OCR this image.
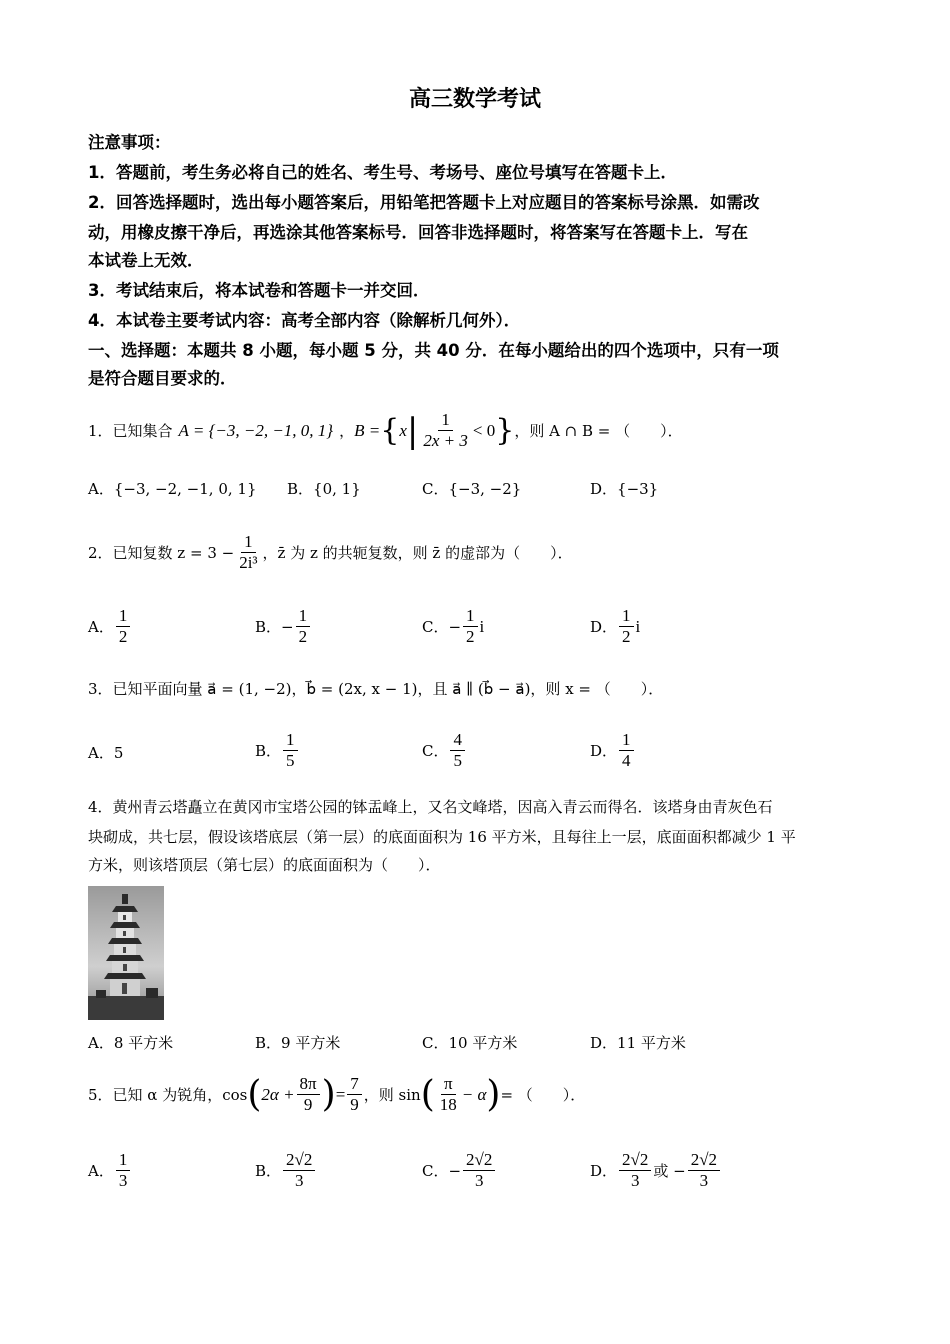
高三数学考试
注意事项：
1．答题前，考生务必将自己的姓名、考生号、考场号、座位号填写在答题卡上．
2．回答选择题时，选出每小题答案后，用铅笔把答题卡上对应题目的答案标号涂黑．如需改
动，用橡皮擦干净后，再选涂其他答案标号．回答非选择题时，将答案写在答题卡上．写在
本试卷上无效．
3．考试结束后，将本试卷和答题卡一并交回．
4．本试卷主要考试内容：高考全部内容（除解析几何外）．
一、选择题：本题共 8 小题，每小题 5 分，共 40 分．在每小题给出的四个选项中，只有一项
是符合题目要求的．
1．已知集合 A = {−3, −2, −1, 0, 1} ， B = { x | $\frac{1}{2x + 3} < 0$ } ，则 A ∩ B = （　　）．
A．{−3, −2, −1, 0, 1} B．{0, 1}	C．{−3, −2}	D．{−3}
2．已知复数 $z = 3 - \frac{1}{\text{2i³}}$ ，z̄ 为 z 的共轭复数，则 z̄ 的虚部为（　　）．
A． $\frac{1}{2}$	B．− $\frac{1}{2}$	C．− $\frac{1}{2}$ i	D． $\frac{1}{2}$ i
3．已知平面向量 a⃗ = (1, −2)，b⃗ = (2x, x − 1)，且 a⃗ ∥ (b⃗ − a⃗)，则 x = （　　）．
A．5	B． $\frac{1}{5}$	C． $\frac{4}{5}$	D． $\frac{1}{4}$
4．黄州青云塔矗立在黄冈市宝塔公园的钵盂峰上，又名文峰塔，因高入青云而得名．该塔身由青灰色石
块砌成，共七层，假设该塔底层（第一层）的底面面积为 16 平方米，且每往上一层，底面面积都减少 1 平
方米，则该塔顶层（第七层）的底面面积为（　　）．
A．8 平方米	B．9 平方米	C．10 平方米	D．11 平方米
5．已知 α 为锐角，cos ( $2\alpha + \frac{8\pi}{9}$ ) = $\frac{7}{9}$ ，则 sin ( $\frac{\pi}{18} - \alpha$ ) = （　　）．
A． $\frac{1}{3}$	B． $\frac{2√2}{3}$	C．− $\frac{2√2}{3}$	D． $\frac{2√2}{3}$ 或 − $\frac{2√2}{3}$
